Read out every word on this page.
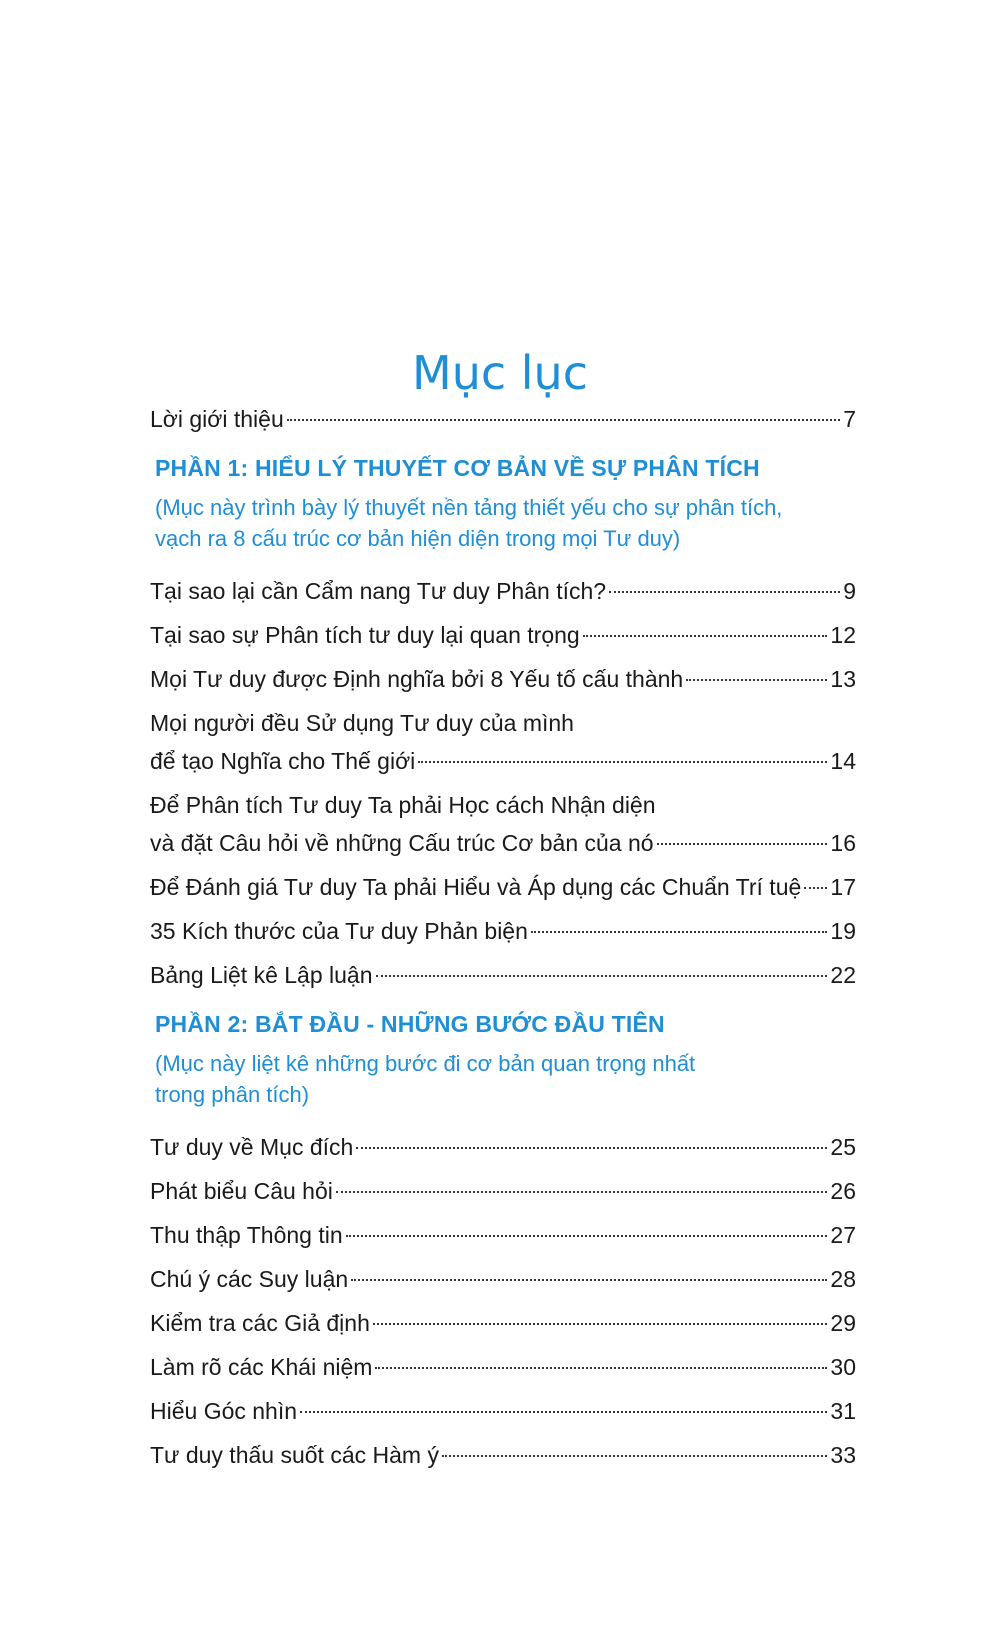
Mục lục
Lời giới thiệu	7
PHẦN 1: HIỂU LÝ THUYẾT CƠ BẢN VỀ SỰ PHÂN TÍCH
(Mục này trình bày lý thuyết nền tảng thiết yếu cho sự phân tích,
vạch ra 8 cấu trúc cơ bản hiện diện trong mọi Tư duy)
Tại sao lại cần Cẩm nang Tư duy Phân tích?	9
Tại sao sự Phân tích tư duy lại quan trọng	12
Mọi Tư duy được Định nghĩa bởi 8 Yếu tố cấu thành	13
Mọi người đều Sử dụng Tư duy của mình
để tạo Nghĩa cho Thế giới	14
Để Phân tích Tư duy Ta phải Học cách Nhận diện
và đặt Câu hỏi về những Cấu trúc Cơ bản của nó	16
Để Đánh giá Tư duy Ta phải Hiểu và Áp dụng các Chuẩn Trí tuệ 17
35 Kích thước của Tư duy Phản biện	19
Bảng Liệt kê Lập luận	22
PHẦN 2: BẮT ĐẦU - NHỮNG BƯỚC ĐẦU TIÊN
(Mục này liệt kê những bước đi cơ bản quan trọng nhất
trong phân tích)
Tư duy về Mục đích	25
Phát biểu Câu hỏi	26
Thu thập Thông tin	27
Chú ý các Suy luận	28
Kiểm tra các Giả định	29
Làm rõ các Khái niệm	30
Hiểu Góc nhìn	31
Tư duy thấu suốt các Hàm ý	33
